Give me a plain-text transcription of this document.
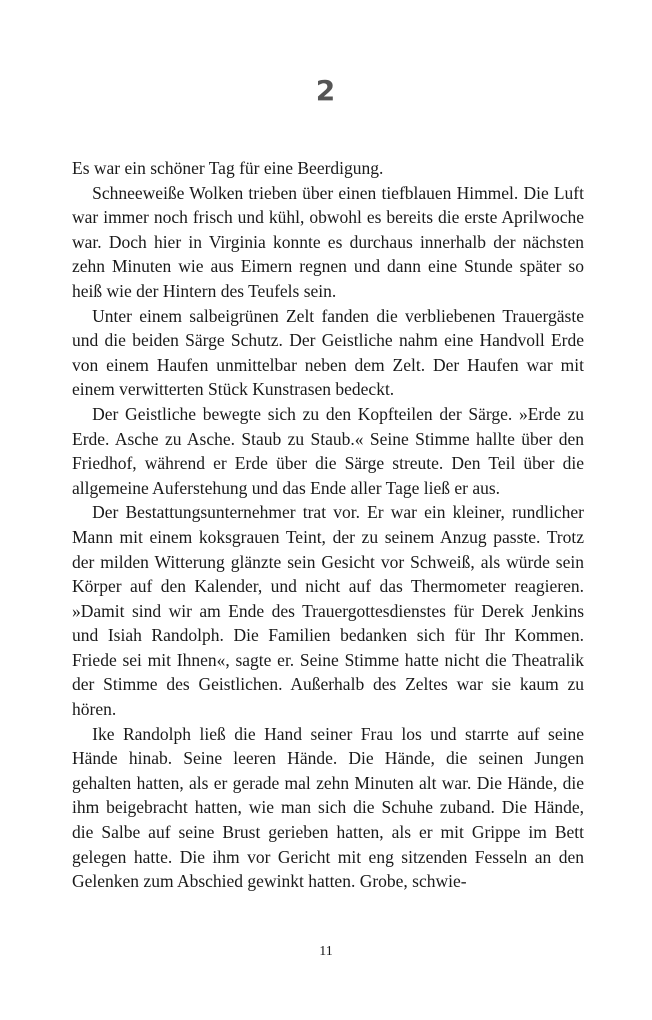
2

Es war ein schöner Tag für eine Beerdigung.

Schneeweiße Wolken trieben über einen tiefblauen Himmel. Die Luft war immer noch frisch und kühl, obwohl es bereits die erste Aprilwoche war. Doch hier in Virginia konnte es durchaus innerhalb der nächsten zehn Minuten wie aus Eimern regnen und dann eine Stunde später so heiß wie der Hintern des Teufels sein.

Unter einem salbeigrünen Zelt fanden die verbliebenen Trauergäste und die beiden Särge Schutz. Der Geistliche nahm eine Handvoll Erde von einem Haufen unmittelbar neben dem Zelt. Der Haufen war mit einem verwitterten Stück Kunstrasen bedeckt.

Der Geistliche bewegte sich zu den Kopfteilen der Särge. »Erde zu Erde. Asche zu Asche. Staub zu Staub.« Seine Stimme hallte über den Friedhof, während er Erde über die Särge streute. Den Teil über die allgemeine Auferstehung und das Ende aller Tage ließ er aus.

Der Bestattungsunternehmer trat vor. Er war ein kleiner, rundlicher Mann mit einem koksgrauen Teint, der zu seinem Anzug passte. Trotz der milden Witterung glänzte sein Gesicht vor Schweiß, als würde sein Körper auf den Kalender, und nicht auf das Thermometer reagieren. »Damit sind wir am Ende des Trauergottesdienstes für Derek Jenkins und Isiah Randolph. Die Familien bedanken sich für Ihr Kommen. Friede sei mit Ihnen«, sagte er. Seine Stimme hatte nicht die Theatralik der Stimme des Geistlichen. Außerhalb des Zeltes war sie kaum zu hören.

Ike Randolph ließ die Hand seiner Frau los und starrte auf seine Hände hinab. Seine leeren Hände. Die Hände, die seinen Jungen gehalten hatten, als er gerade mal zehn Minuten alt war. Die Hände, die ihm beigebracht hatten, wie man sich die Schuhe zuband. Die Hände, die Salbe auf seine Brust gerieben hatten, als er mit Grippe im Bett gelegen hatte. Die ihm vor Gericht mit eng sitzenden Fesseln an den Gelenken zum Abschied gewinkt hatten. Grobe, schwie-

11
